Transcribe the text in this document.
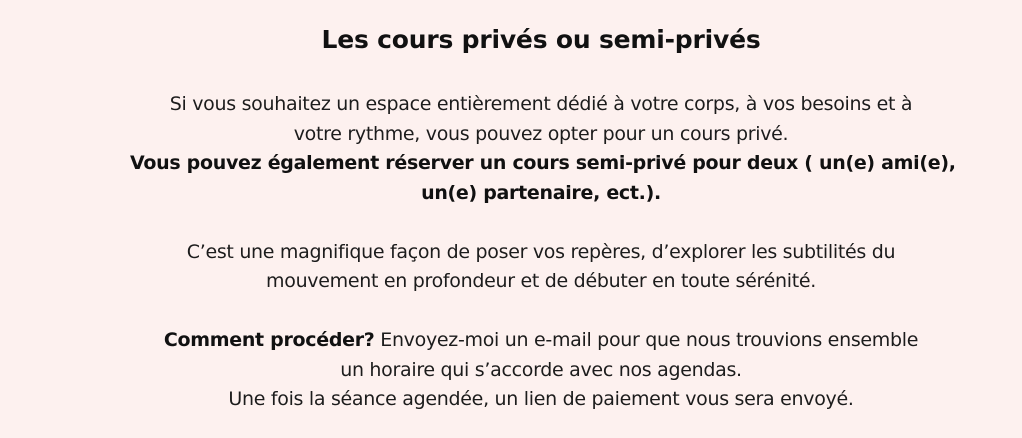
Les cours privés ou semi-privés
Si vous souhaitez un espace entièrement dédié à votre corps, à vos besoins et à
votre rythme, vous pouvez opter pour un cours privé.
Vous pouvez également réserver un cours semi-privé pour deux ( un(e) ami(e),
un(e) partenaire, ect.).
C’est une magnifique façon de poser vos repères, d’explorer les subtilités du
mouvement en profondeur et de débuter en toute sérénité.
Comment procéder? Envoyez-moi un e-mail pour que nous trouvions ensemble
un horaire qui s’accorde avec nos agendas.
Une fois la séance agendée, un lien de paiement vous sera envoyé.
